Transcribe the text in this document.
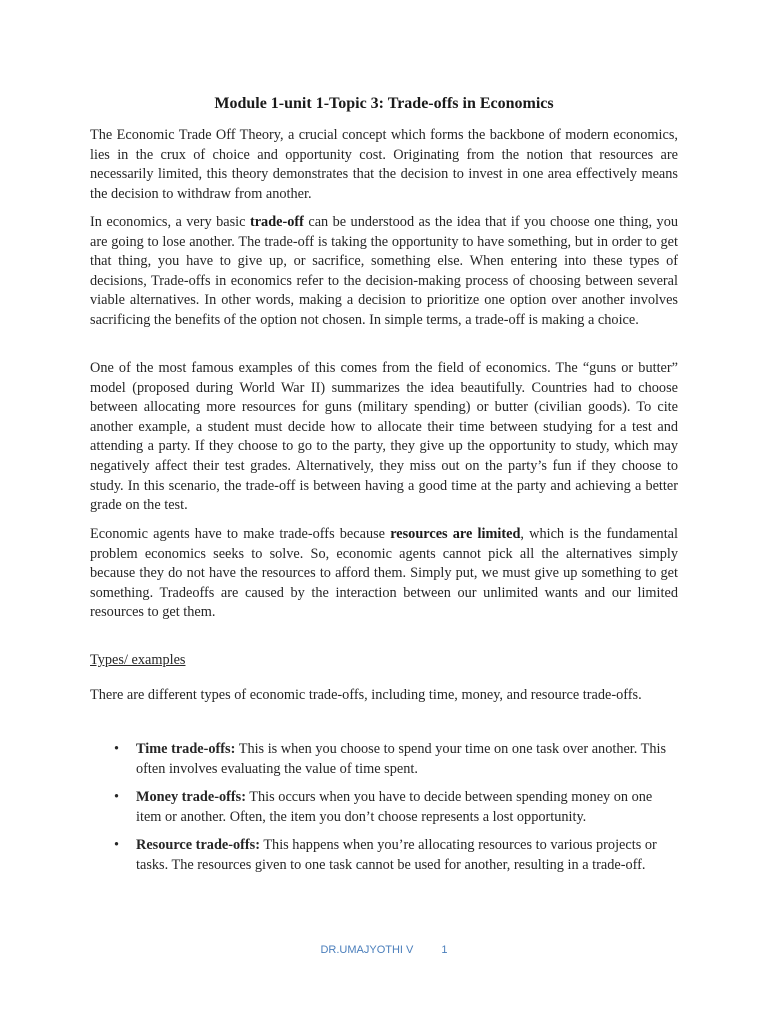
Module 1-unit 1-Topic 3: Trade-offs in Economics

The Economic Trade Off Theory, a crucial concept which forms the backbone of modern economics, lies in the crux of choice and opportunity cost. Originating from the notion that resources are necessarily limited, this theory demonstrates that the decision to invest in one area effectively means the decision to withdraw from another.

In economics, a very basic trade-off can be understood as the idea that if you choose one thing, you are going to lose another. The trade-off is taking the opportunity to have something, but in order to get that thing, you have to give up, or sacrifice, something else. When entering into these types of decisions, Trade-offs in economics refer to the decision-making process of choosing between several viable alternatives. In other words, making a decision to prioritize one option over another involves sacrificing the benefits of the option not chosen. In simple terms, a trade-off is making a choice.

One of the most famous examples of this comes from the field of economics. The “guns or butter” model (proposed during World War II) summarizes the idea beautifully. Countries had to choose between allocating more resources for guns (military spending) or butter (civilian goods). To cite another example, a student must decide how to allocate their time between studying for a test and attending a party. If they choose to go to the party, they give up the opportunity to study, which may negatively affect their test grades. Alternatively, they miss out on the party’s fun if they choose to study. In this scenario, the trade-off is between having a good time at the party and achieving a better grade on the test.

Economic agents have to make trade-offs because resources are limited, which is the fundamental problem economics seeks to solve. So, economic agents cannot pick all the alternatives simply because they do not have the resources to afford them. Simply put, we must give up something to get something. Tradeoffs are caused by the interaction between our unlimited wants and our limited resources to get them.

Types/ examples

There are different types of economic trade-offs, including time, money, and resource trade-offs.

• Time trade-offs: This is when you choose to spend your time on one task over another. This often involves evaluating the value of time spent.
• Money trade-offs: This occurs when you have to decide between spending money on one item or another. Often, the item you don’t choose represents a lost opportunity.
• Resource trade-offs: This happens when you’re allocating resources to various projects or tasks. The resources given to one task cannot be used for another, resulting in a trade-off.
DR.UMAJYOTHI V	1
